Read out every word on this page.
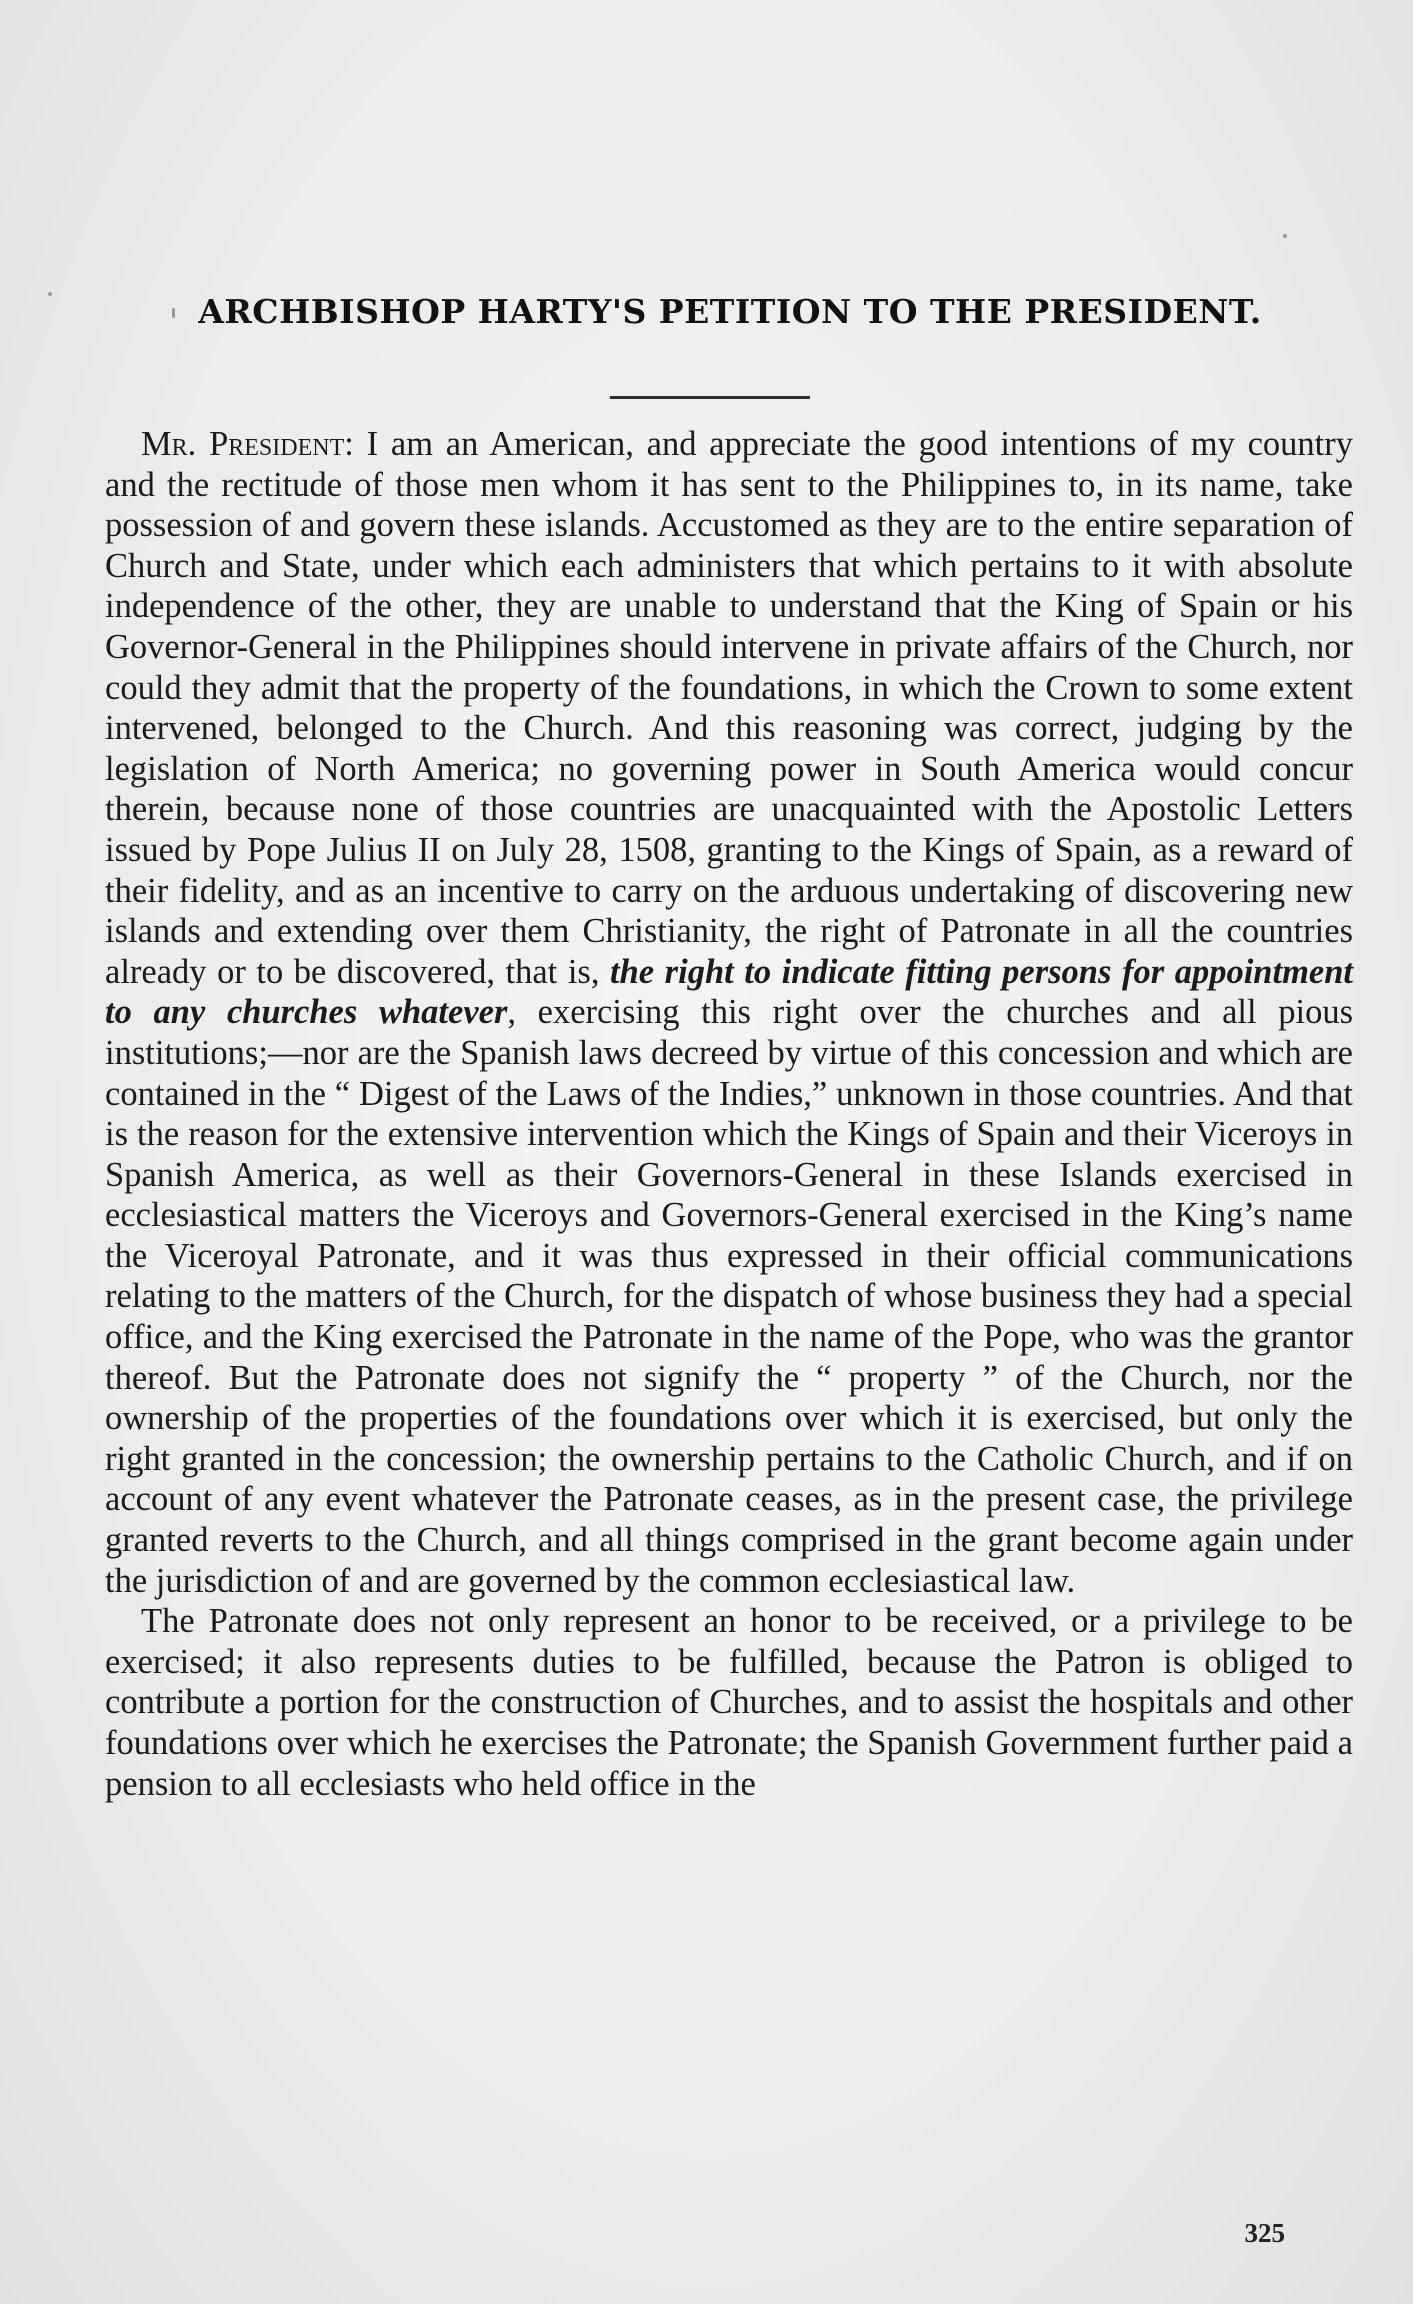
ARCHBISHOP HARTY'S PETITION TO THE PRESIDENT.

Mr. President: I am an American, and appreciate the good intentions of my country and the rectitude of those men whom it has sent to the Philippines to, in its name, take possession of and govern these islands. Accustomed as they are to the entire separation of Church and State, under which each administers that which pertains to it with absolute independence of the other, they are unable to understand that the King of Spain or his Governor-General in the Philippines should intervene in private affairs of the Church, nor could they admit that the property of the foundations, in which the Crown to some extent intervened, belonged to the Church. And this reasoning was correct, judging by the legislation of North America; no governing power in South America would concur therein, because none of those countries are unacquainted with the Apostolic Letters issued by Pope Julius II on July 28, 1508, granting to the Kings of Spain, as a reward of their fidelity, and as an incentive to carry on the arduous undertaking of discovering new islands and extending over them Christianity, the right of Patronate in all the countries already or to be discovered, that is, the right to indicate fitting persons for appointment to any churches whatever, exercising this right over the churches and all pious institutions;—nor are the Spanish laws decreed by virtue of this concession and which are contained in the “ Digest of the Laws of the Indies,” unknown in those countries. And that is the reason for the extensive intervention which the Kings of Spain and their Viceroys in Spanish America, as well as their Governors-General in these Islands exercised in ecclesiastical matters the Viceroys and Governors-General exercised in the King’s name the Viceroyal Patronate, and it was thus expressed in their official communications relating to the matters of the Church, for the dispatch of whose business they had a special office, and the King exercised the Patronate in the name of the Pope, who was the grantor thereof. But the Patronate does not signify the “ property ” of the Church, nor the ownership of the properties of the foundations over which it is exercised, but only the right granted in the concession; the ownership pertains to the Catholic Church, and if on account of any event whatever the Patronate ceases, as in the present case, the privilege granted reverts to the Church, and all things comprised in the grant become again under the jurisdiction of and are governed by the common ecclesiastical law.

The Patronate does not only represent an honor to be received, or a privilege to be exercised; it also represents duties to be fulfilled, because the Patron is obliged to contribute a portion for the construction of Churches, and to assist the hospitals and other foundations over which he exercises the Patronate; the Spanish Government further paid a pension to all ecclesiasts who held office in the

325
